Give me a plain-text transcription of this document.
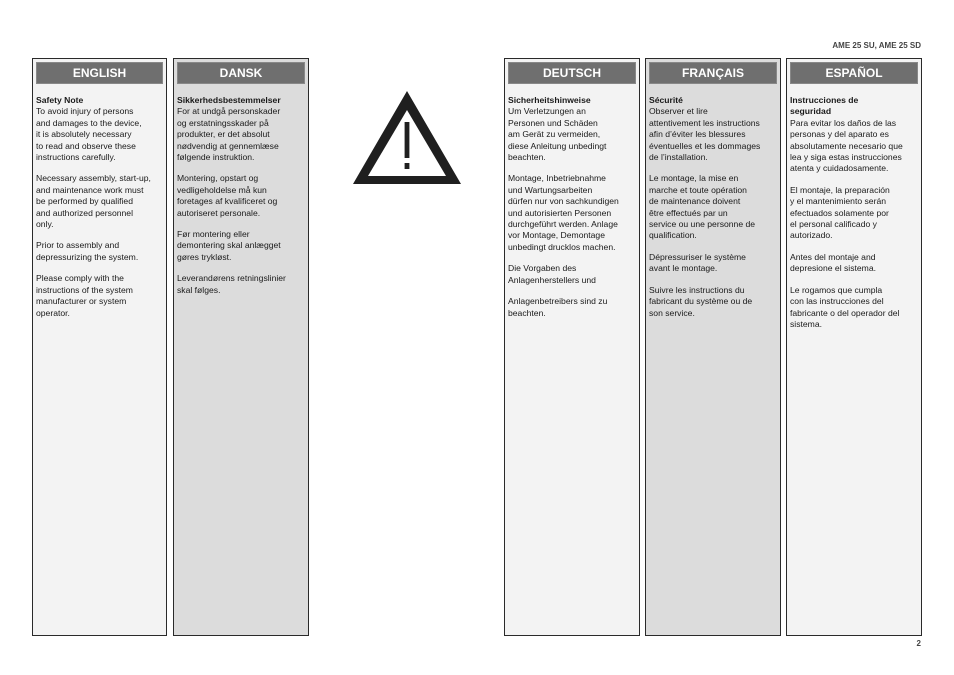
AME 25 SU, AME 25 SD
ENGLISH

Safety Note

To avoid injury of persons
and damages to the device,
it is absolutely necessary
to read and observe these
instructions carefully.

Necessary assembly, start-up,
and maintenance work must
be performed by qualified
and authorized personnel
only.

Prior to assembly and
depressurizing the system.

Please comply with the
instructions of the system
manufacturer or system
operator.

DANSK

Sikkerhedsbestemmelser

For at undgå personskader
og erstatningsskader på
produkter, er det absolut
nødvendig at gennemlæse
følgende instruktion.

Montering, opstart og
vedligeholdelse må kun
foretages af kvalificeret og
autoriseret personale.

Før montering eller
demontering skal anlægget
gøres trykløst.

Leverandørens retningslinier
skal følges.

DEUTSCH

Sicherheitshinweise

Um Verletzungen an
Personen und Schäden
am Gerät zu vermeiden,
diese Anleitung unbedingt
beachten.

Montage, Inbetriebnahme
und Wartungsarbeiten
dürfen nur von sachkundigen
und autorisierten Personen
durchgeführt werden. Anlage
vor Montage, Demontage
unbedingt drucklos machen.

Die Vorgaben des
Anlagenherstellers und

Anlagenbetreibers sind zu
beachten.

FRANÇAIS

Sécurité

Observer et lire
attentivement les instructions
afin d’éviter les blessures
éventuelles et les dommages
de l’installation.

Le montage, la mise en
marche et toute opération
de maintenance doivent
être effectués par un
service ou une personne de
qualification.

Dépressuriser le système
avant le montage.

Suivre les instructions du
fabricant du système ou de
son service.

ESPAÑOL

Instrucciones de
seguridad

Para evitar los daños de las
personas y del aparato es
absolutamente necesario que
lea y siga estas instrucciones
atenta y cuidadosamente.

El montaje, la preparación
y el mantenimiento serán
efectuados solamente por
el personal calificado y
autorizado.

Antes del montaje and
depresione el sistema.

Le rogamos que cumpla
con las instrucciones del
fabricante o del operador del
sistema.

2
